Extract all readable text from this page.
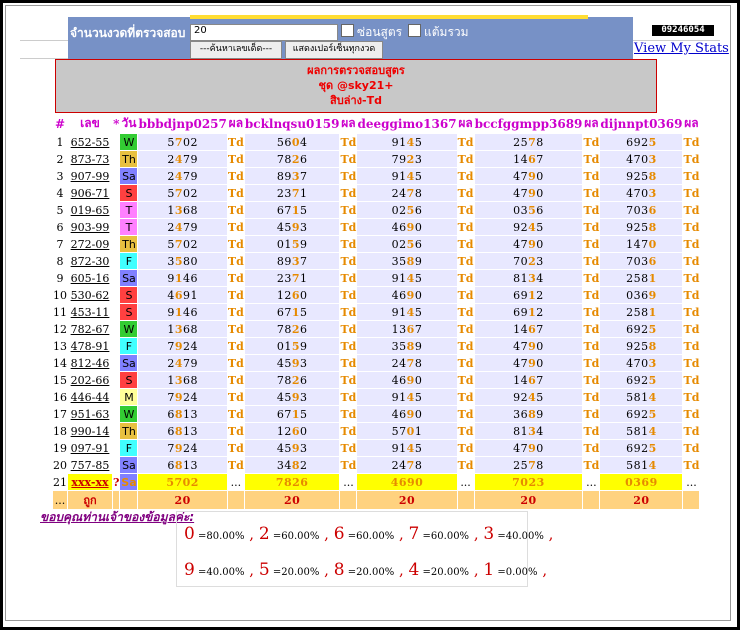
จำนวนงวดที่ตรวจสอบ 20	ซ่อนสูตร แต้มรวม
---ค้นหาเลขเด็ด---	แสดงเปอร์เซ็นทุกงวด
09246054
View My Stats
ผลการตรวจสอบสูตร
ชุด @sky21+
สิบล่าง-Td
#	เลข	*	วัน	bbbdjnp0257	ผล	bcklnqsu0159	ผล	deeggimo1367	ผล	bccfggmpp3689	ผล	dijnnpt0369	ผล
1	652-55		W	5702	Td	5604	Td	9145	Td	2578	Td	6925	Td
2	873-73		Th	2479	Td	7826	Td	7923	Td	1467	Td	4703	Td
3	907-99		Sa	2479	Td	8937	Td	9145	Td	4790	Td	9258	Td
4	906-71		S	5702	Td	2371	Td	2478	Td	4790	Td	4703	Td
5	019-65		T	1368	Td	6715	Td	0256	Td	0356	Td	7036	Td
6	903-99		T	2479	Td	4593	Td	4690	Td	9245	Td	9258	Td
7	272-09		Th	5702	Td	0159	Td	0256	Td	4790	Td	1470	Td
8	872-30		F	3580	Td	8937	Td	3589	Td	7023	Td	7036	Td
9	605-16		Sa	9146	Td	2371	Td	9145	Td	8134	Td	2581	Td
10	530-62		S	4691	Td	1260	Td	4690	Td	6912	Td	0369	Td
11	453-11		S	9146	Td	6715	Td	9145	Td	6912	Td	2581	Td
12	782-67		W	1368	Td	7826	Td	1367	Td	1467	Td	6925	Td
13	478-91		F	7924	Td	0159	Td	3589	Td	4790	Td	9258	Td
14	812-46		Sa	2479	Td	4593	Td	2478	Td	4790	Td	4703	Td
15	202-66		S	1368	Td	7826	Td	4690	Td	1467	Td	6925	Td
16	446-44		M	7924	Td	4593	Td	9145	Td	9245	Td	5814	Td
17	951-63		W	6813	Td	6715	Td	4690	Td	3689	Td	6925	Td
18	990-14		Th	6813	Td	1260	Td	5701	Td	8134	Td	5814	Td
19	097-91		F	7924	Td	4593	Td	9145	Td	4790	Td	6925	Td
20	757-85		Sa	6813	Td	3482	Td	2478	Td	2578	Td	5814	Td
21	xxx-xx	?	Sa	5702	...	7826	...	4690	...	7023	...	0369	...
...	ถูก			20		20		20		20		20	
ขอบคุณท่านเจ้าของข้อมูลค่ะ:
0 =80.00% , 2 =60.00% , 6 =60.00% , 7 =60.00% , 3 =40.00% ,
9 =40.00% , 5 =20.00% , 8 =20.00% , 4 =20.00% , 1 =0.00% ,
